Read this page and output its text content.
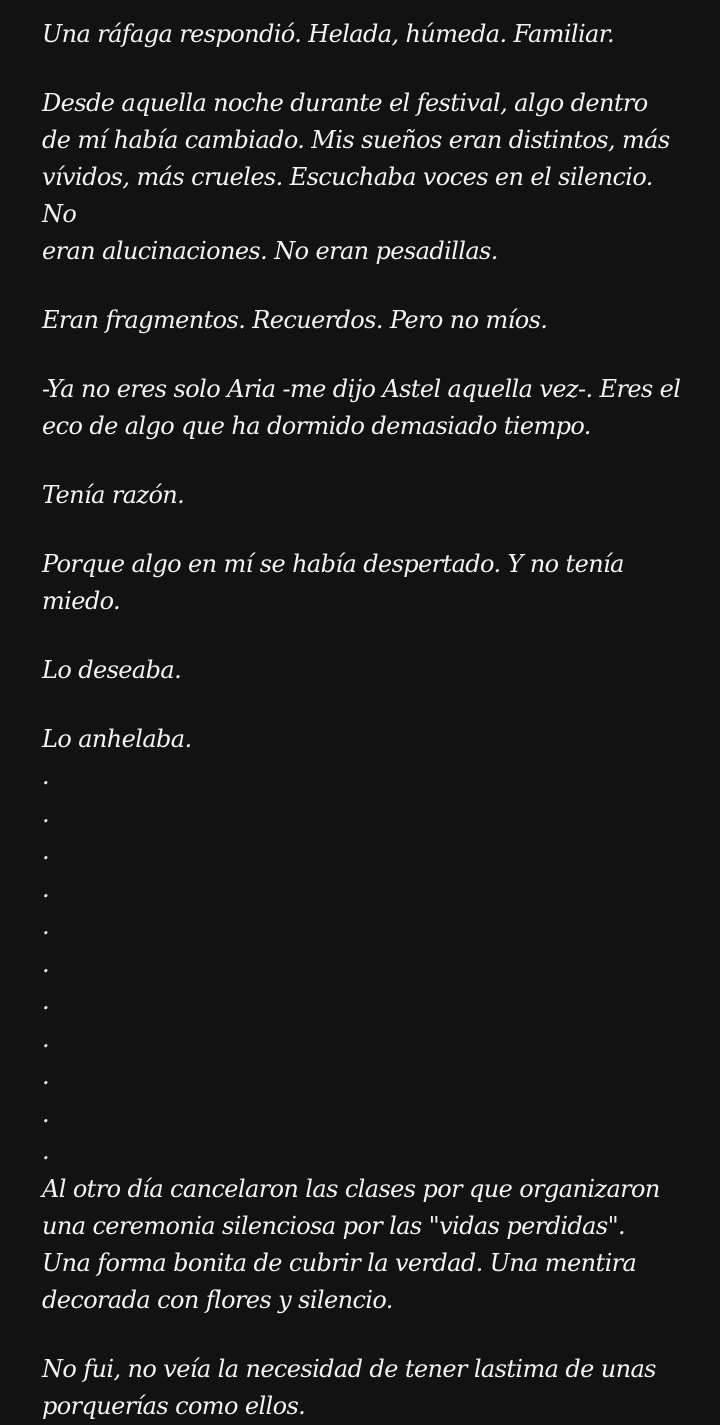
Una ráfaga respondió. Helada, húmeda. Familiar.

Desde aquella noche durante el festival, algo dentro
de mí había cambiado. Mis sueños eran distintos, más
vívidos, más crueles. Escuchaba voces en el silencio. No
eran alucinaciones. No eran pesadillas.

Eran fragmentos. Recuerdos. Pero no míos.

-Ya no eres solo Aria -me dijo Astel aquella vez-. Eres el
eco de algo que ha dormido demasiado tiempo.

Tenía razón.

Porque algo en mí se había despertado. Y no tenía
miedo.

Lo deseaba.

Lo anhelaba.

.
.
.
.
.
.
.
.
.
.
.

Al otro día cancelaron las clases por que organizaron
una ceremonia silenciosa por las "vidas perdidas".
Una forma bonita de cubrir la verdad. Una mentira
decorada con flores y silencio.

No fui, no veía la necesidad de tener lastima de unas
porquerías como ellos.
